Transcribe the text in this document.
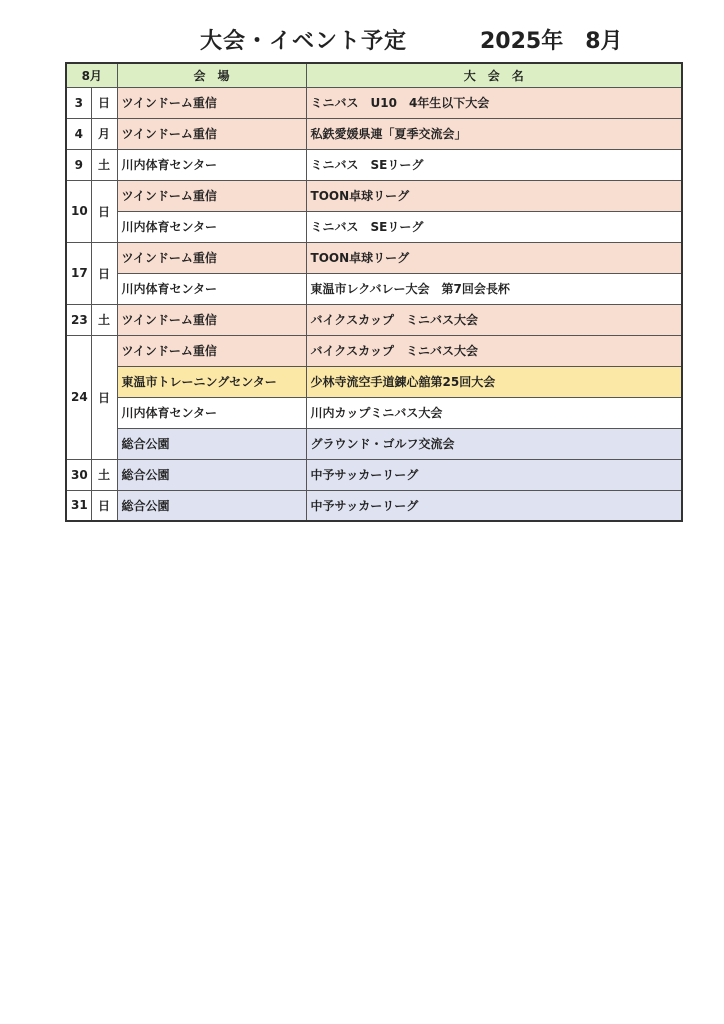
大会・イベント予定	2025年 8月
8月		会　場	大　会　名
3	日	ツインドーム重信	ミニバス　U10　4年生以下大会
4	月	ツインドーム重信	私鉄愛媛県連「夏季交流会」
9	土	川内体育センター	ミニバス　SEリーグ
10	日	ツインドーム重信	TOON卓球リーグ
		川内体育センター	ミニバス　SEリーグ
17	日	ツインドーム重信	TOON卓球リーグ
		川内体育センター	東温市レクバレー大会　第7回会長杯
23	土	ツインドーム重信	バイクスカップ　ミニバス大会
24	日	ツインドーム重信	バイクスカップ　ミニバス大会
		東温市トレーニングセンター	少林寺流空手道錬心舘第25回大会
		川内体育センター	川内カップミニバス大会
		総合公園	グラウンド・ゴルフ交流会
30	土	総合公園	中予サッカーリーグ
31	日	総合公園	中予サッカーリーグ
